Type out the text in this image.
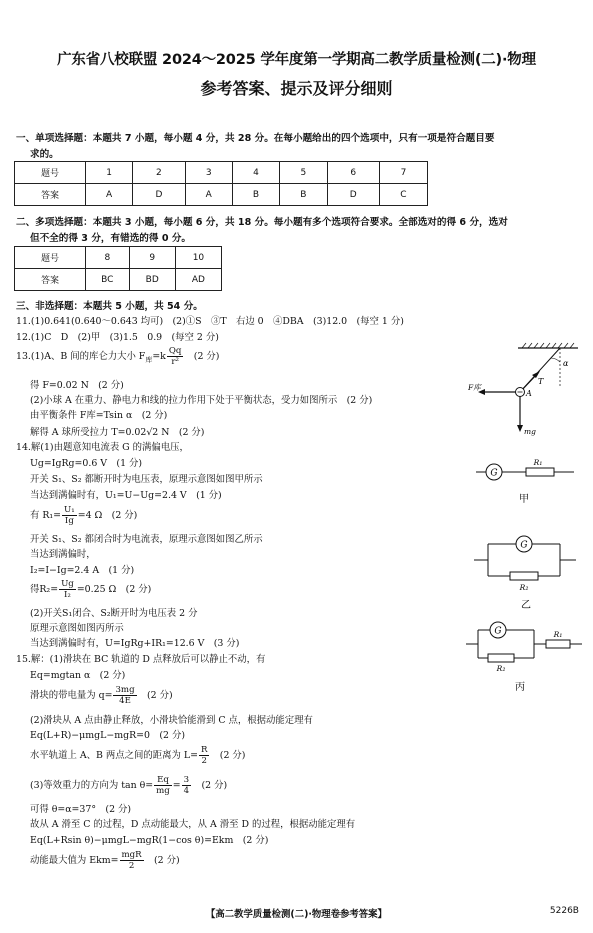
广东省八校联盟 2024～2025 学年度第一学期高二教学质量检测(二)·物理
参考答案、提示及评分细则
一、单项选择题：本题共 7 小题，每小题 4 分，共 28 分。在每小题给出的四个选项中，只有一项是符合题目要
求的。
题号	1	2	3	4	5	6	7
答案	A	D	A	B	B	D	C
二、多项选择题：本题共 3 小题，每小题 6 分，共 18 分。每小题有多个选项符合要求。全部选对的得 6 分，选对
但不全的得 3 分，有错选的得 0 分。
题号	8	9	10
答案	BC	BD	AD
三、非选择题：本题共 5 小题，共 54 分。
11.(1)0.641(0.640～0.643 均可)　(2)①S　③T　右边 0　④DBA　(3)12.0　(每空 1 分)
12.(1)C　D　(2)甲　(3)1.5　0.9　(每空 2 分)
13.(1)A、B 间的库仑力大小 $F_库=k \frac{Qq}{\text{r²}}$ 　(2 分)
得 F=0.02 N　(2 分)
(2)小球 A 在重力、静电力和线的拉力作用下处于平衡状态，受力如图所示　(2 分)
由平衡条件 F库=Tsin α　(2 分)
解得 A 球所受拉力 T=0.02√2 N　(2 分)
α
T
F库
mg
A
14.解(1)由题意知电流表 G 的满偏电压，
Ug=IgRg=0.6 V　(1 分)
开关 S₁、S₂ 都断开时为电压表，原理示意图如图甲所示
当达到满偏时有，U₁=U−Ug=2.4 V　(1 分)
有 $R_1= \frac{\text{U₁}}{Ig} =4$ Ω　(2 分)
开关 S₁、S₂ 都闭合时为电流表，原理示意图如图乙所示
当达到满偏时，
I₂=I−Ig=2.4 A　(1 分)
得$R_2= \frac{Ug}{\text{I₂}} =0.25$ Ω　(2 分)
(2)开关S₁闭合、S₂断开时为电压表 2 分
原理示意图如图丙所示
当达到满偏时有，U=IgRg+IR₁=12.6 V　(3 分)
G
R₁
甲
G
R₂
乙
G
R₂
R₁
丙
15.解：(1)滑块在 BC 轨道的 D 点释放后可以静止不动，有
Eq=mgtan α　(2 分)
滑块的带电量为 $q= \frac{3mg}{4E}$ 　(2 分)
(2)滑块从 A 点由静止释放，小滑块恰能滑到 C 点，根据动能定理有
Eq(L+R)−μmgL−mgR=0　(2 分)
水平轨道上 A、B 两点之间的距离为 $L= \frac{R}{2}$ 　(2 分)
(3)等效重力的方向为 $\tan \theta= \frac{Eq}{mg} = \frac{3}{4}$ 　(2 分)
可得 θ=α=37°　(2 分)
故从 A 滑至 C 的过程，D 点动能最大，从 A 滑至 D 的过程，根据动能定理有
Eq(L+Rsin θ)−μmgL−mgR(1−cos θ)=Ekm　(2 分)
动能最大值为 $Ekm= \frac{\text{mgR}}{2}$ 　(2 分)
【高二教学质量检测(二)·物理卷参考答案】	5226B
